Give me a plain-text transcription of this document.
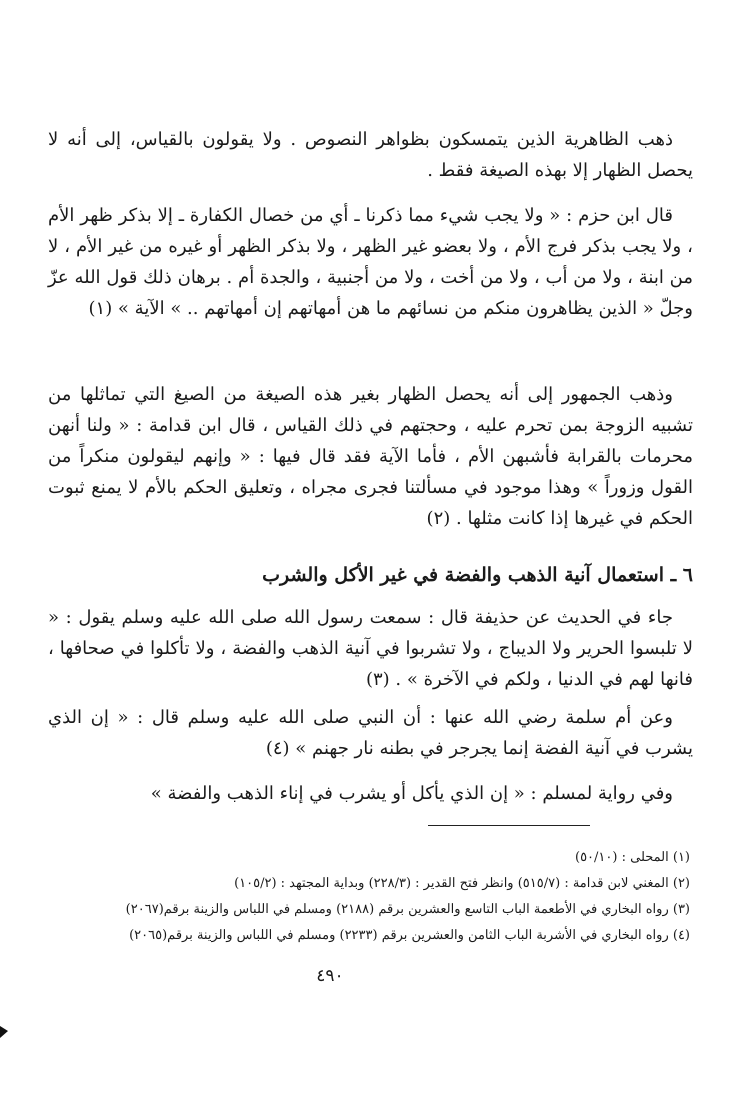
ذهب الظاهرية الذين يتمسكون بظواهر النصوص . ولا يقولون بالقياس، إلى أنه لا يحصل الظهار إلا بهذه الصيغة فقط .

قال ابن حزم : « ولا يجب شيء مما ذكرنا ـ أي من خصال الكفارة ـ إلا بذكر ظهر الأم ، ولا يجب بذكر فرج الأم ، ولا بعضو غير الظهر ، ولا بذكر الظهر أو غيره من غير الأم ، لا من ابنة ، ولا من أب ، ولا من أخت ، ولا من أجنبية ، والجدة أم . برهان ذلك قول الله عزّ وجلّ « الذين يظاهرون منكم من نسائهم ما هن أمهاتهم إن أمهاتهم .. » الآية » (١)

وذهب الجمهور إلى أنه يحصل الظهار بغير هذه الصيغة من الصيغ التي تماثلها من تشبيه الزوجة بمن تحرم عليه ، وحجتهم في ذلك القياس ، قال ابن قدامة : « ولنا أنهن محرمات بالقرابة فأشبهن الأم ، فأما الآية فقد قال فيها : « وإنهم ليقولون منكراً من القول وزوراً » وهذا موجود في مسألتنا فجرى مجراه ، وتعليق الحكم بالأم لا يمنع ثبوت الحكم في غيرها إذا كانت مثلها . (٢)

٦ ـ استعمال آنية الذهب والفضة في غير الأكل والشرب

جاء في الحديث عن حذيفة قال : سمعت رسول الله صلى الله عليه وسلم يقول : « لا تلبسوا الحرير ولا الديباج ، ولا تشربوا في آنية الذهب والفضة ، ولا تأكلوا في صحافها ، فانها لهم في الدنيا ، ولكم في الآخرة » . (٣)

وعن أم سلمة رضي الله عنها : أن النبي صلى الله عليه وسلم قال : « إن الذي يشرب في آنية الفضة إنما يجرجر في بطنه نار جهنم » (٤)

وفي رواية لمسلم : « إن الذي يأكل أو يشرب في إناء الذهب والفضة »

(١) المحلى : (٥٠/١٠)

(٢) المغني لابن قدامة : (٥١٥/٧) وانظر فتح القدير : (٢٢٨/٣) وبداية المجتهد : (١٠٥/٢)

(٣) رواه البخاري في الأطعمة الباب التاسع والعشرين برقم (٢١٨٨) ومسلم في اللباس والزينة برقم(٢٠٦٧)

(٤) رواه البخاري في الأشربة الباب الثامن والعشرين برقم (٢٢٣٣) ومسلم في اللباس والزينة برقم(٢٠٦٥)

٤٩٠
